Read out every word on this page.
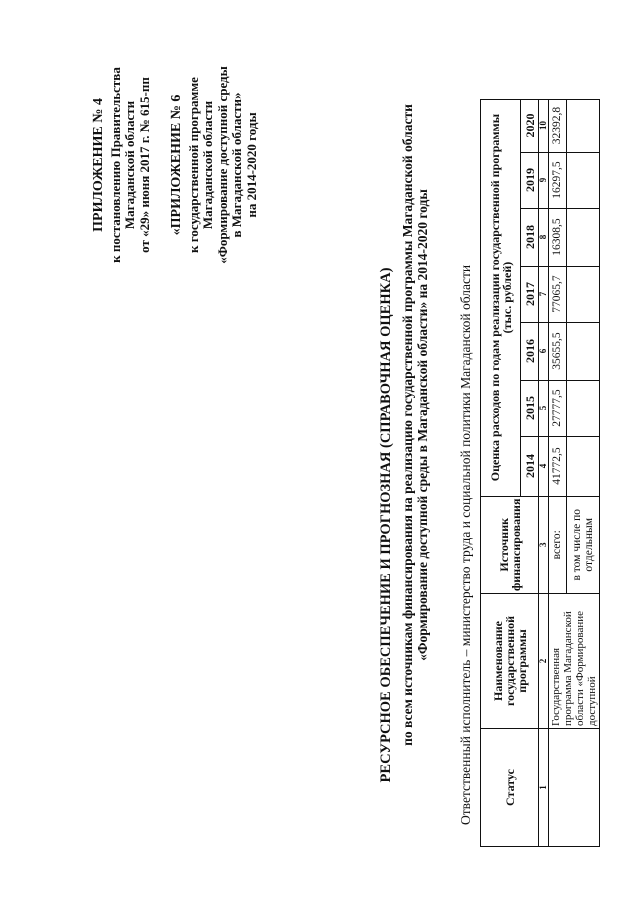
ПРИЛОЖЕНИЕ № 4 к постановлению Правительства Магаданской области от «29» июня 2017 г. № 615-пп «ПРИЛОЖЕНИЕ № 6 к государственной программе Магаданской области «Формирование доступной среды в Магаданской области» на 2014-2020 годы
РЕСУРСНОЕ ОБЕСПЕЧЕНИЕ И ПРОГНОЗНАЯ (СПРАВОЧНАЯ ОЦЕНКА) по всем источникам финансирования на реализацию государственной программы Магаданской области «Формирование доступной среды в Магаданской области» на 2014-2020 годы Ответственный исполнитель – министерство труда и социальной политики Магаданской области Статус	Наименование государственной программы	Источник финансирования	Оценка расходов по годам реализации государственной программы (тыс. рублей)						
			2014	2015	2016	2017	2018	2019	2020
1	2	3	4	5	6	7	8	9	10
	Государственная программа Магаданской области «Формирование доступной	всего:	41772,5	27777,5	35655,5	77065,7	16308,5	16297,5	32392,8
		в том числе по отдельным							
